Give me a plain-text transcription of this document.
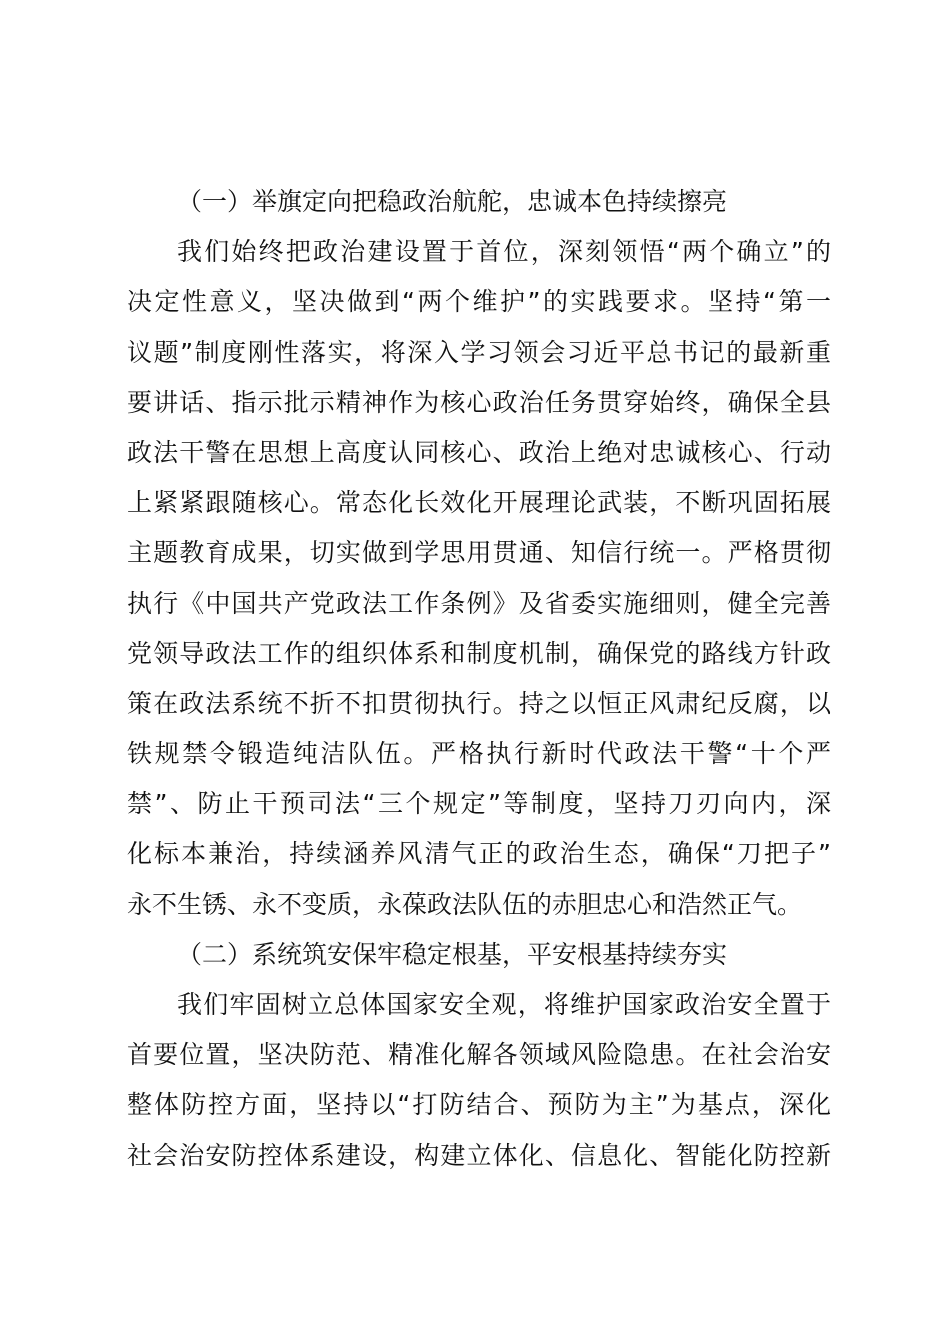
（一）举旗定向把稳政治航舵，忠诚本色持续擦亮
我们始终把政治建设置于首位，深刻领悟“两个确立”的
决定性意义，坚决做到“两个维护”的实践要求。坚持“第一
议题”制度刚性落实，将深入学习领会习近平总书记的最新重
要讲话、指示批示精神作为核心政治任务贯穿始终，确保全县
政法干警在思想上高度认同核心、政治上绝对忠诚核心、行动
上紧紧跟随核心。常态化长效化开展理论武装，不断巩固拓展
主题教育成果，切实做到学思用贯通、知信行统一。严格贯彻
执行《中国共产党政法工作条例》及省委实施细则，健全完善
党领导政法工作的组织体系和制度机制，确保党的路线方针政
策在政法系统不折不扣贯彻执行。持之以恒正风肃纪反腐，以
铁规禁令锻造纯洁队伍。严格执行新时代政法干警“十个严
禁”、防止干预司法“三个规定”等制度，坚持刀刃向内，深
化标本兼治，持续涵养风清气正的政治生态，确保“刀把子”
永不生锈、永不变质，永葆政法队伍的赤胆忠心和浩然正气。
（二）系统筑安保牢稳定根基，平安根基持续夯实
我们牢固树立总体国家安全观，将维护国家政治安全置于
首要位置，坚决防范、精准化解各领域风险隐患。在社会治安
整体防控方面，坚持以“打防结合、预防为主”为基点，深化
社会治安防控体系建设，构建立体化、信息化、智能化防控新
